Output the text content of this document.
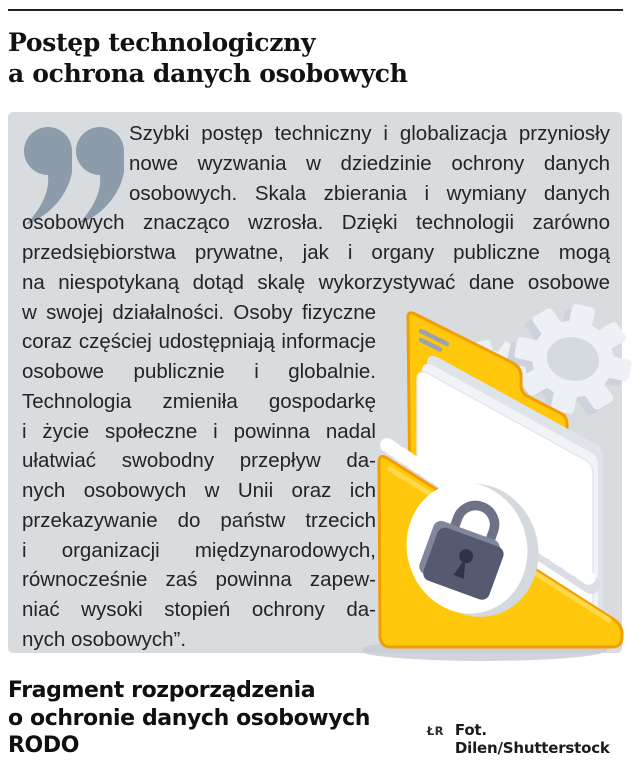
Postęp technologiczny
a ochrona danych osobowych
Szybki postęp techniczny i globalizacja przyniosły
nowe wyzwania w dziedzinie ochrony danych
osobowych. Skala zbierania i wymiany danych
osobowych znacząco wzrosła. Dzięki technologii zarówno
przedsiębiorstwa prywatne, jak i organy publiczne mogą
na niespotykaną dotąd skalę wykorzystywać dane osobowe
w swojej działalności. Osoby fizyczne
coraz częściej udostępniają informacje
osobowe publicznie i globalnie.
Technologia zmieniła gospodarkę
i życie społeczne i powinna nadal
ułatwiać swobodny przepływ da-
nych osobowych w Unii oraz ich
przekazywanie do państw trzecich
i organizacji międzynarodowych,
równocześnie zaś powinna zapew-
niać wysoki stopień ochrony da-
nych osobowych”.
Fragment rozporządzenia
o ochronie danych osobowych RODO
ŁR Fot. Dilen/Shutterstock
